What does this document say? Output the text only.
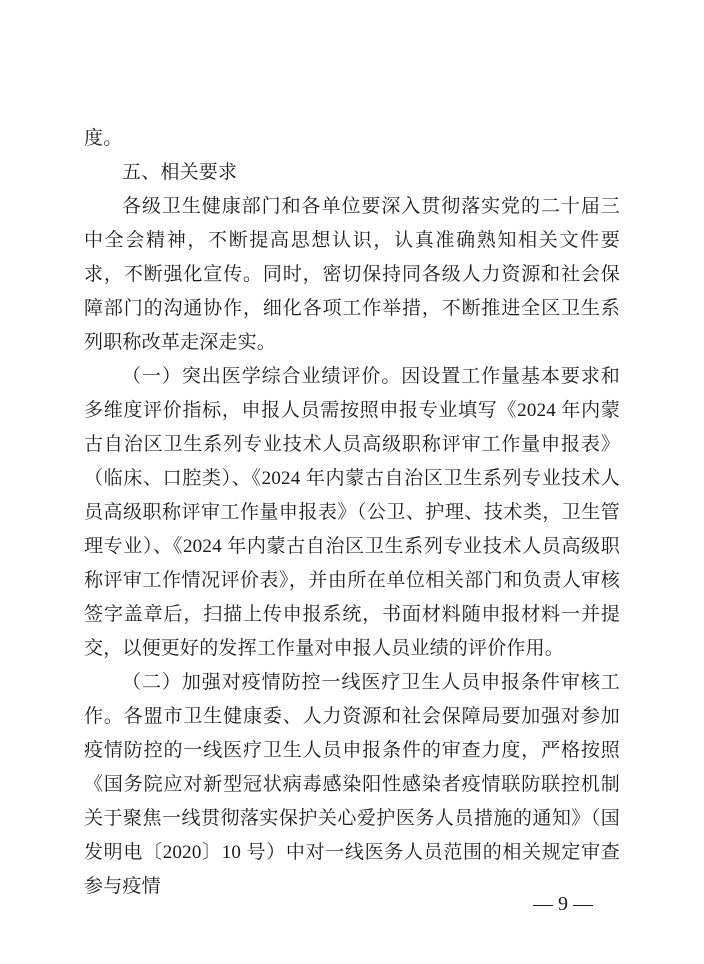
度。

五、相关要求

各级卫生健康部门和各单位要深入贯彻落实党的二十届三中全会精神，不断提高思想认识，认真准确熟知相关文件要求，不断强化宣传。同时，密切保持同各级人力资源和社会保障部门的沟通协作，细化各项工作举措，不断推进全区卫生系列职称改革走深走实。

（一）突出医学综合业绩评价。因设置工作量基本要求和多维度评价指标，申报人员需按照申报专业填写《2024 年内蒙古自治区卫生系列专业技术人员高级职称评审工作量申报表》（临床、口腔类）、《2024 年内蒙古自治区卫生系列专业技术人员高级职称评审工作量申报表》（公卫、护理、技术类，卫生管理专业）、《2024 年内蒙古自治区卫生系列专业技术人员高级职称评审工作情况评价表》，并由所在单位相关部门和负责人审核签字盖章后，扫描上传申报系统，书面材料随申报材料一并提交，以便更好的发挥工作量对申报人员业绩的评价作用。

（二）加强对疫情防控一线医疗卫生人员申报条件审核工作。各盟市卫生健康委、人力资源和社会保障局要加强对参加疫情防控的一线医疗卫生人员申报条件的审查力度，严格按照《国务院应对新型冠状病毒感染阳性感染者疫情联防联控机制关于聚焦一线贯彻落实保护关心爱护医务人员措施的通知》（国发明电〔2020〕10 号）中对一线医务人员范围的相关规定审查参与疫情

— 9 —
